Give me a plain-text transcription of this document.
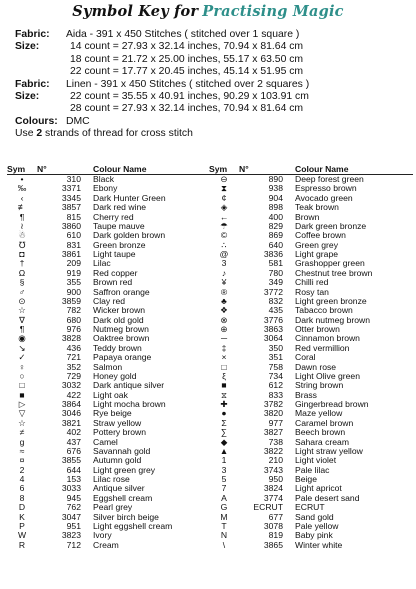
Symbol Key for Practising Magic
Fabric: Aida - 391 x 450 Stitches ( stitched over 1 square )
Size:	14 count = 27.93 x 32.14 inches, 70.94 x 81.64 cm
18 count = 21.72 x 25.00 inches, 55.17 x 63.50 cm
22 count = 17.77 x 20.45 inches, 45.14 x 51.95 cm
Fabric: Linen - 391 x 450 Stitches ( stitched over 2 squares )
Size:	22 count = 35.55 x 40.91 inches, 90.29 x 103.91 cm
28 count = 27.93 x 32.14 inches, 70.94 x 81.64 cm
Colours: DMC
Use 2 strands of thread for cross stitch
Sym	N°	Colour Name
•	310	Black
‰	3371	Ebony
‹	3345	Dark Hunter Green
≢	3857	Dark red wine
¶	815	Cherry red
≀	3860	Taupe mauve
☃	610	Dark golden brown
℧	831	Green bronze
◘	3861	Light taupe
†	209	Lilac
Ω	919	Red copper
§	355	Brown red
♂	900	Saffron orange
⊙	3859	Clay red
☆	782	Wicker brown
∇	680	Dark old gold
¶	976	Nutmeg brown
◉	3828	Oaktree brown
↘	436	Teddy brown
✓	721	Papaya orange
♀	352	Salmon
○	729	Honey gold
□	3032	Dark antique silver
■	422	Light oak
▷	3864	Light mocha brown
▽	3046	Rye beige
☆	3821	Straw yellow
≠	402	Pottery brown
g	437	Camel
≈	676	Savannah gold
¤	3855	Autumn gold
2	644	Light green grey
4	153	Lilac rose
6	3033	Antique silver
8	945	Eggshell cream
D	762	Pearl grey
K	3047	Silver birch beige
P	951	Light eggshell cream
W	3823	Ivory
R	712	Cream
Sym	N°	Colour Name
⊖	890	Deep forest green
⧗	938	Espresso brown
¢	904	Avocado green
◈	898	Teak brown
←	400	Brown
☂	829	Dark green bronze
©	869	Coffee brown
∴	640	Green grey
@	3836	Light grape
3	581	Grashopper green
♪	780	Chestnut tree brown
¥	349	Chilli red
®	3772	Rosy tan
♣	832	Light green bronze
❖	435	Tabacco brown
⊗	3776	Dark nutmeg brown
⊕	3863	Otter brown
─	3064	Cinnamon brown
‡	350	Red vermillion
×	351	Coral
□	758	Dawn rose
ξ	734	Light Olive green
■	612	String brown
⧖	833	Brass
✚	3782	Gingerbread brown
●	3820	Maze yellow
Σ	977	Caramel brown
∑	3827	Beech brown
◆	738	Sahara cream
▲	3822	Light straw yellow
1	210	Light violet
3	3743	Pale lilac
5	950	Beige
7	3824	Light apricot
A	3774	Pale desert sand
G	ECRUT	ECRUT
M	677	Sand gold
T	3078	Pale yellow
N	819	Baby pink
\	3865	Winter white
